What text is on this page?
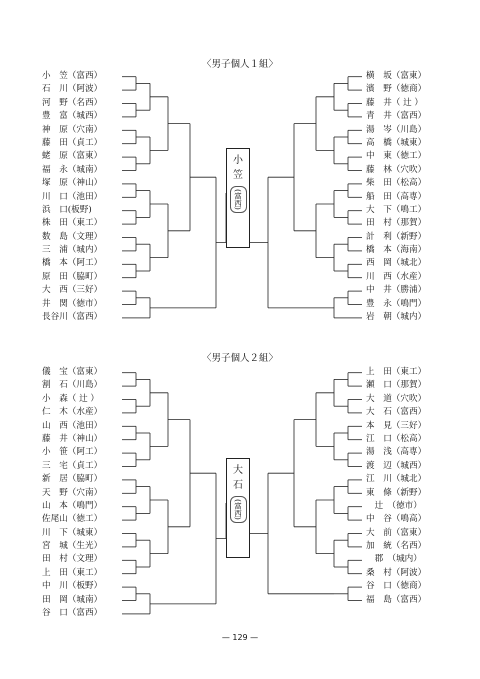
〈男子個人１組〉
小　笠（富西）
石　川（阿波）
河　野（名西）
豊　富（城西）
神　原（穴南）
藤　田（貞工）
蛯　原（富東）
福　永（城南）
塚　原（神山）
川　口（池田）
浜　口(板野)
株　田（東工）
数　島（文理）
三　浦（城内）
橋　本（阿工）
原　田（脇町）
大　西（三好）
井　関（徳市）
長谷川（富西）
横　坂（富東）
濱　野（徳商）
藤　井（ 辻 ）
青　井（富西）
湯　岑（川島）
高　橋（城東）
中　東（徳工）
藤　林（穴吹）
柴　田（松高）
船　田（高専）
大　下（鳴工）
田　村（那賀）
計　利（新野）
橋　本（海南）
西　岡（城北）
川　西（水産）
中　井（勝浦）
豊　永（鳴門）
岩　朝（城内）
〈男子個人２組〉
儀　宝（富東）
割　石（川島）
小　森（ 辻 ）
仁　木（水産）
山　西（池田）
藤　井（神山）
小　笹（阿工）
三　宅（貞工）
新　居（脇町）
天　野（穴南）
山　本（鳴門）
佐尾山（徳工）
川　下（城東）
宮　城（生光）
田　村（文理）
上　田（東工）
中　川（板野）
田　岡（城南）
谷　口（富西）
上　田（東工）
瀬　口（那賀）
大　道（穴吹）
大　石（富西）
本　見（三好）
江　口（松高）
湯　浅（高専）
渡　辺（城西）
江　川（城北）
東　條（新野）
　辻　（徳市）
中　谷（鳴高）
大　前（富東）
加　統（名西）
　郡　（城内）
桑　村（阿波）
谷　口（徳商）
福　島（富西）
小
笠
(富西)
大
石
(富西)
— 129 —
